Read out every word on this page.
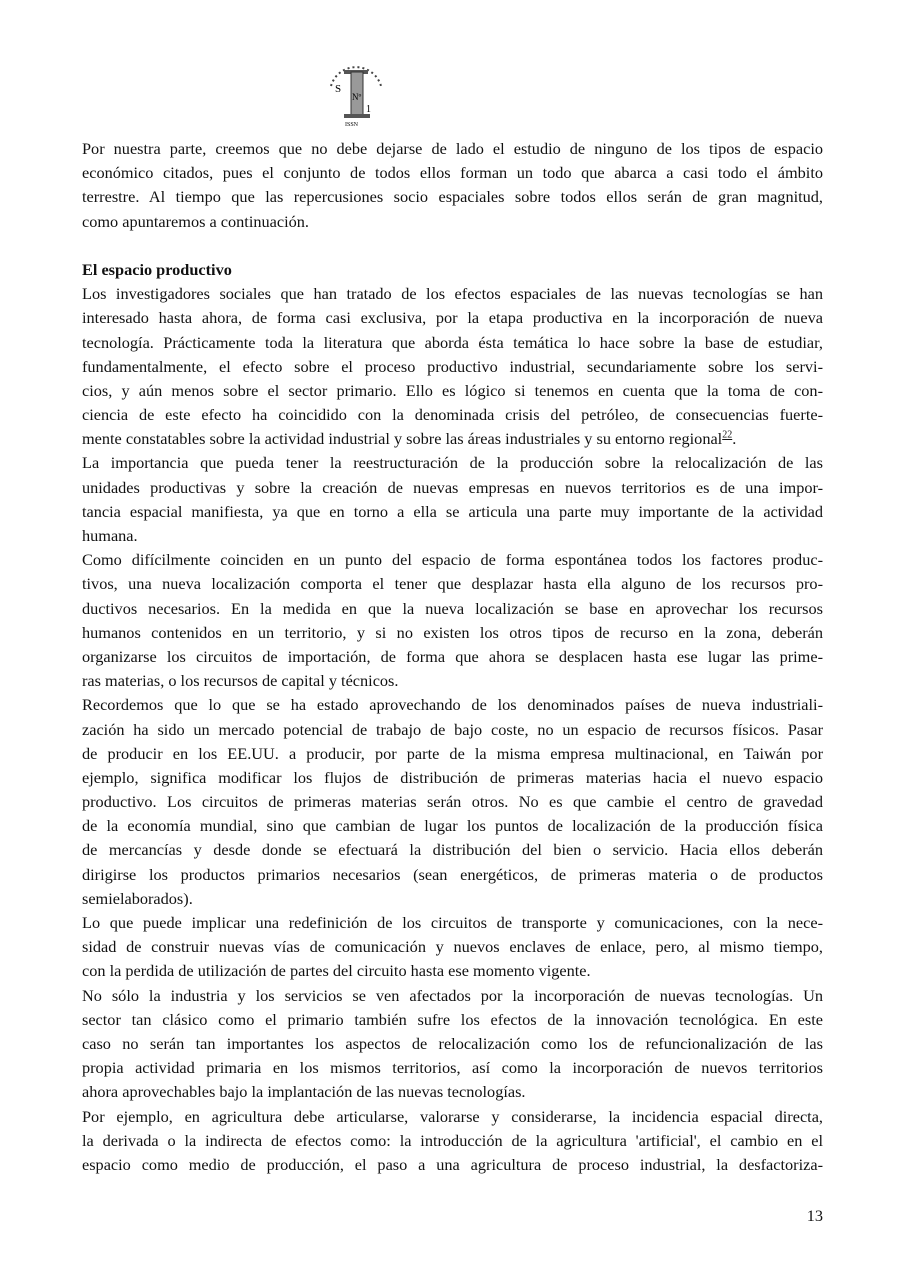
S
Nº
1
ISSN
Por nuestra parte, creemos que no debe dejarse de lado el estudio de ninguno de los tipos de espacio
económico citados, pues el conjunto de todos ellos forman un todo que abarca a casi todo el ámbito
terrestre. Al tiempo que las repercusiones socio espaciales sobre todos ellos serán de gran magnitud,
como apuntaremos a continuación.
El espacio productivo
Los investigadores sociales que han tratado de los efectos espaciales de las nuevas tecnologías se han
interesado hasta ahora, de forma casi exclusiva, por la etapa productiva en la incorporación de nueva
tecnología. Prácticamente toda la literatura que aborda ésta temática lo hace sobre la base de estudiar,
fundamentalmente, el efecto sobre el proceso productivo industrial, secundariamente sobre los servi-
cios, y aún menos sobre el sector primario. Ello es lógico si tenemos en cuenta que la toma de con-
ciencia de este efecto ha coincidido con la denominada crisis del petróleo, de consecuencias fuerte-
mente constatables sobre la actividad industrial y sobre las áreas industriales y su entorno regional$^{22}$.
La importancia que pueda tener la reestructuración de la producción sobre la relocalización de las
unidades productivas y sobre la creación de nuevas empresas en nuevos territorios es de una impor-
tancia espacial manifiesta, ya que en torno a ella se articula una parte muy importante de la actividad
humana.
Como difícilmente coinciden en un punto del espacio de forma espontánea todos los factores produc-
tivos, una nueva localización comporta el tener que desplazar hasta ella alguno de los recursos pro-
ductivos necesarios. En la medida en que la nueva localización se base en aprovechar los recursos
humanos contenidos en un territorio, y si no existen los otros tipos de recurso en la zona, deberán
organizarse los circuitos de importación, de forma que ahora se desplacen hasta ese lugar las prime-
ras materias, o los recursos de capital y técnicos.
Recordemos que lo que se ha estado aprovechando de los denominados países de nueva industriali-
zación ha sido un mercado potencial de trabajo de bajo coste, no un espacio de recursos físicos. Pasar
de producir en los EE.UU. a producir, por parte de la misma empresa multinacional, en Taiwán por
ejemplo, significa modificar los flujos de distribución de primeras materias hacia el nuevo espacio
productivo. Los circuitos de primeras materias serán otros. No es que cambie el centro de gravedad
de la economía mundial, sino que cambian de lugar los puntos de localización de la producción física
de mercancías y desde donde se efectuará la distribución del bien o servicio. Hacia ellos deberán
dirigirse los productos primarios necesarios (sean energéticos, de primeras materia o de productos
semielaborados).
Lo que puede implicar una redefinición de los circuitos de transporte y comunicaciones, con la nece-
sidad de construir nuevas vías de comunicación y nuevos enclaves de enlace, pero, al mismo tiempo,
con la perdida de utilización de partes del circuito hasta ese momento vigente.
No sólo la industria y los servicios se ven afectados por la incorporación de nuevas tecnologías. Un
sector tan clásico como el primario también sufre los efectos de la innovación tecnológica. En este
caso no serán tan importantes los aspectos de relocalización como los de refuncionalización de las
propia actividad primaria en los mismos territorios, así como la incorporación de nuevos territorios
ahora aprovechables bajo la implantación de las nuevas tecnologías.
Por ejemplo, en agricultura debe articularse, valorarse y considerarse, la incidencia espacial directa,
la derivada o la indirecta de efectos como: la introducción de la agricultura 'artificial', el cambio en el
espacio como medio de producción, el paso a una agricultura de proceso industrial, la desfactoriza-
13
